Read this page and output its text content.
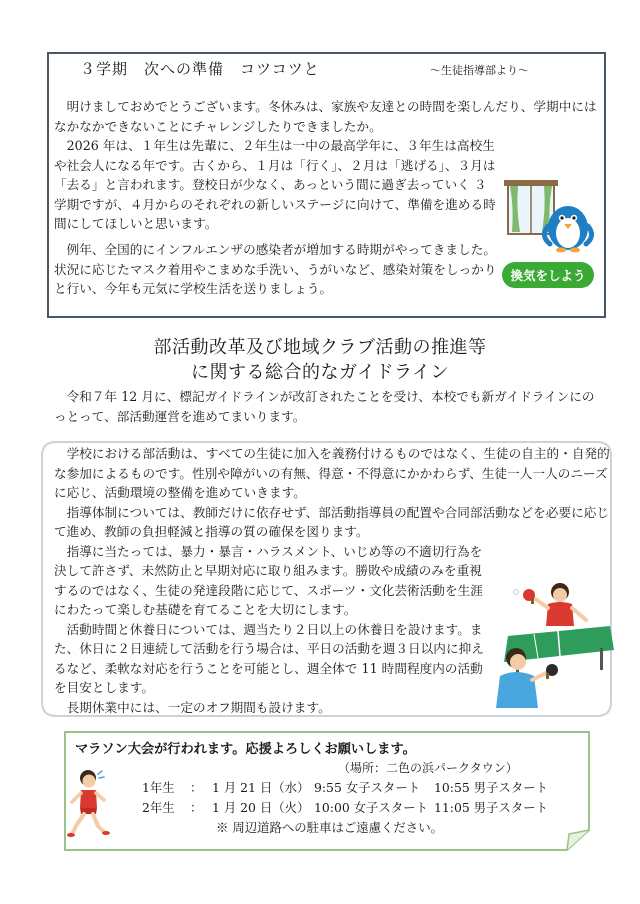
３学期　次への準備　コツコツと	～生徒指導部より～

明けましておめでとうございます。冬休みは、家族や友達との時間を楽しんだり、学期中にはなかなかできないことにチャレンジしたりできましたか。

2026 年は、１年生は先輩に、２年生は一中の最高学年に、３年生は高校生や社会人になる年です。古くから、１月は「行く」、２月は「逃げる」、３月は「去る」と言われます。登校日が少なく、あっという間に過ぎ去っていく ３ 学期ですが、４月からのそれぞれの新しいステージに向けて、準備を進める時間にしてほしいと思います。

例年、全国的にインフルエンザの感染者が増加する時期がやってきました。状況に応じたマスク着用やこまめな手洗い、うがいなど、感染対策をしっかりと行い、今年も元気に学校生活を送りましょう。

換気をしよう
部活動改革及び地域クラブ活動の推進等
に関する総合的なガイドライン

令和７年 12 月に、標記ガイドラインが改訂されたことを受け、本校でも新ガイドラインにのっとって、部活動運営を進めてまいります。

学校における部活動は、すべての生徒に加入を義務付けるものではなく、生徒の自主的・自発的な参加によるものです。性別や障がいの有無、得意・不得意にかかわらず、生徒一人一人のニーズに応じ、活動環境の整備を進めていきます。

指導体制については、教師だけに依存せず、部活動指導員の配置や合同部活動などを必要に応じて進め、教師の負担軽減と指導の質の確保を図ります。

指導に当たっては、暴力・暴言・ハラスメント、いじめ等の不適切行為を決して許さず、未然防止と早期対応に取り組みます。勝敗や成績のみを重視するのではなく、生徒の発達段階に応じて、スポーツ・文化芸術活動を生涯にわたって楽しむ基礎を育てることを大切にします。

活動時間と休養日については、週当たり２日以上の休養日を設けます。また、休日に２日連続して活動を行う場合は、平日の活動を週３日以内に抑えるなど、柔軟な対応を行うことを可能とし、週全体で 11 時間程度内の活動を目安とします。

長期休業中には、一定のオフ期間も設けます。

マラソン大会が行われます。応援よろしくお願いします。
（場所：二色の浜パークタウン）
1年生 ： 1 月 21 日（水） 9:55 女子スタート 10:55 男子スタート
2年生 ： 1 月 20 日（火） 10:00 女子スタート 11:05 男子スタート
※ 周辺道路への駐車はご遠慮ください。
